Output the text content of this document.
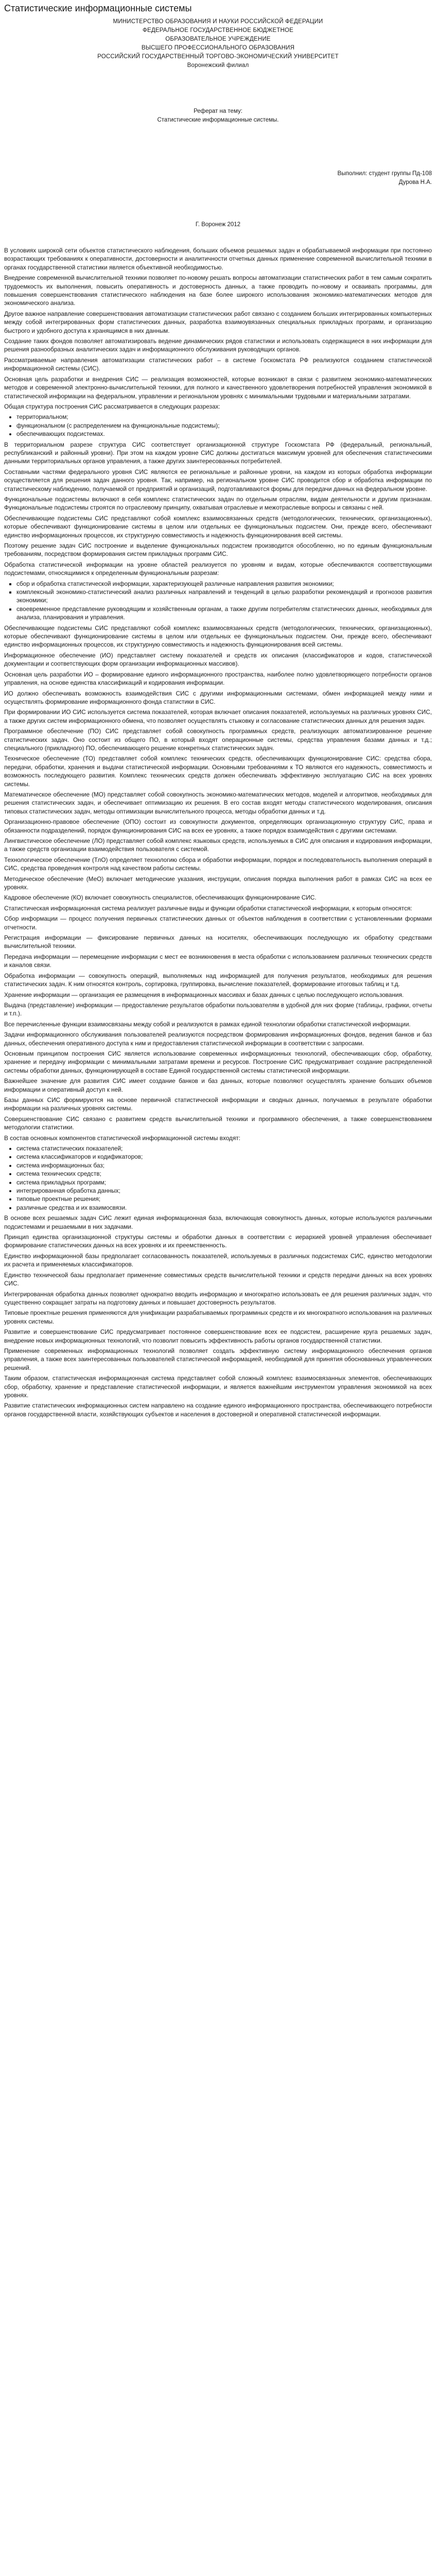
Статистические информационные системы
МИНИСТЕРСТВО ОБРАЗОВАНИЯ И НАУКИ РОССИЙСКОЙ ФЕДЕРАЦИИ
ФЕДЕРАЛЬНОЕ ГОСУДАРСТВЕННОЕ БЮДЖЕТНОЕ
ОБРАЗОВАТЕЛЬНОЕ УЧРЕЖДЕНИЕ
ВЫСШЕГО ПРОФЕССИОНАЛЬНОГО ОБРАЗОВАНИЯ
РОССИЙСКИЙ ГОСУДАРСТВЕННЫЙ ТОРГОВО-ЭКОНОМИЧЕСКИЙ УНИВЕРСИТЕТ
Воронежский филиал
Реферат на тему:
Статистические информационные системы.
Выполнил: студент группы Пд-108
Дурова Н.А.
Г. Воронеж 2012

В условиях широкой сети объектов статистического наблюдения, больших объемов решаемых задач и обрабатываемой информации при постоянно возрастающих требованиях к оперативности, достоверности и аналитичности отчетных данных применение современной вычислительной техники в органах государственной статистики является объективной необходимостью.

Внедрение современной вычислительной техники позволяет по-новому решать вопросы автоматизации статистических работ в тем самым сократить трудоемкость их выполнения, повысить оперативность и достоверность данных, а также проводить по-новому и осваивать программы, для повышения совершенствования статистического наблюдения на базе более широкого использования экономико-математических методов для экономического анализа.

Другое важное направление совершенствования автоматизации статистических работ связано с созданием больших интегрированных компьютерных между собой интегрированных форм статистических данных, разработка взаимоувязанных специальных прикладных программ, и организацию быстрого и удобного доступа к хранящимся в них данным.

Создание таких фондов позволяет автоматизировать ведение динамических рядов статистики и использовать содержащиеся в них информации для решения разнообразных аналитических задач и информационного обслуживания руководящих органов.

Рассматриваемые направления автоматизации статистических работ – в системе Госкомстата РФ реализуются созданием статистической информационной системы (СИС).

Основная цель разработки и внедрения СИС — реализация возможностей, которые возникают в связи с развитием экономико-математических методов и современной электронно-вычислительной техники, для полного и качественного удовлетворения потребностей управления экономикой в статистической информации на федеральном, управлении и региональном уровнях с минимальными трудовыми и материальными затратами.

Общая структура построения СИС рассматривается в следующих разрезах:

• территориальном;
• функциональном (с распределением на функциональные подсистемы);
• обеспечивающих подсистемах.

В территориальном разрезе структура СИС соответствует организационной структуре Госкомстата РФ (федеральный, региональный, республиканский и районный уровни). При этом на каждом уровне СИС должны достигаться максимум уровней для обеспечения статистическими данными территориальных органов управления, а также других заинтересованных потребителей.

Составными частями федерального уровня СИС являются ее региональные и районные уровни, на каждом из которых обработка информации осуществляется для решения задач данного уровня. Так, например, на региональном уровне СИС проводится сбор и обработка информации по статистическому наблюдению, получаемой от предприятий и организаций, подготавливаются формы для передачи данных на федеральном уровне.

Функциональные подсистемы включают в себя комплекс статистических задач по отдельным отраслям, видам деятельности и другим признакам. Функциональные подсистемы строятся по отраслевому принципу, охватывая отраслевые и межотраслевые вопросы и связаны с ней.

Обеспечивающие подсистемы СИС представляют собой комплекс взаимосвязанных средств (методологических, технических, организационных), которые обеспечивают функционирование системы в целом или отдельных ее функциональных подсистем. Они, прежде всего, обеспечивают единство информационных процессов, их структурную совместимость и надежность функционирования всей системы.

Поэтому решение задач СИС построение и выделение функциональных подсистем производится обособленно, но по единым функциональным требованиям, посредством формирования систем прикладных программ СИС.

Обработка статистической информации на уровне областей реализуется по уровням и видам, которые обеспечиваются соответствующими подсистемами, относящимися к определенным функциональным разрезам:

▪ сбор и обработка статистической информации, характеризующей различные направления развития экономики;
▪ комплексный экономико-статистический анализ различных направлений и тенденций в целью разработки рекомендаций и прогнозов развития экономики;
▪ своевременное представление руководящим и хозяйственным органам, а также другим потребителям статистических данных, необходимых для анализа, планирования и управления.

Обеспечивающие подсистемы СИС представляют собой комплекс взаимосвязанных средств (методологических, технических, организационных), которые обеспечивают функционирование системы в целом или отдельных ее функциональных подсистем. Они, прежде всего, обеспечивают единство информационных процессов, их структурную совместимость и надежность функционирования всей системы.

Информационное обеспечение (ИО) представляет систему показателей и средств их описания (классификаторов и кодов, статистической документации и соответствующих форм организации информационных массивов).

Основная цель разработки ИО – формирование единого информационного пространства, наиболее полно удовлетворяющего потребности органов управления, на основе единства классификаций и кодирования информации.

ИО должно обеспечивать возможность взаимодействия СИС с другими информационными системами, обмен информацией между ними и осуществлять формирование информационного фонда статистики в СИС.

При формировании ИО СИС используется система показателей, которая включает описания показателей, используемых на различных уровнях СИС, а также других систем информационного обмена, что позволяет осуществлять стыковку и согласование статистических данных для решения задач.

Программное обеспечение (ПО) СИС представляет собой совокупность программных средств, реализующих автоматизированное решение статистических задач. Оно состоит из общего ПО, в который входят операционные системы, средства управления базами данных и т.д.; специального (прикладного) ПО, обеспечивающего решение конкретных статистических задач.

Техническое обеспечение (ТО) представляет собой комплекс технических средств, обеспечивающих функционирование СИС: средства сбора, передачи, обработки, хранения и выдачи статистической информации. Основными требованиями к ТО являются его надежность, совместимость и возможность последующего развития. Комплекс технических средств должен обеспечивать эффективную эксплуатацию СИС на всех уровнях системы.

Математическое обеспечение (МО) представляет собой совокупность экономико-математических методов, моделей и алгоритмов, необходимых для решения статистических задач, и обеспечивает оптимизацию их решения. В его состав входят методы статистического моделирования, описания типовых статистических задач, методы оптимизации вычислительного процесса, методы обработки данных и т.д.

Организационно-правовое обеспечение (ОПО) состоит из совокупности документов, определяющих организационную структуру СИС, права и обязанности подразделений, порядок функционирования СИС на всех ее уровнях, а также порядок взаимодействия с другими системами.

Лингвистическое обеспечение (ЛО) представляет собой комплекс языковых средств, используемых в СИС для описания и кодирования информации, а также средств организации взаимодействия пользователя с системой.

Технологическое обеспечение (ТлО) определяет технологию сбора и обработки информации, порядок и последовательность выполнения операций в СИС, средства проведения контроля над качеством работы системы.

Методическое обеспечение (МеО) включает методические указания, инструкции, описания порядка выполнения работ в рамках СИС на всех ее уровнях.

Кадровое обеспечение (КО) включает совокупность специалистов, обеспечивающих функционирование СИС.

Статистическая информационная система реализует различные виды и функции обработки статистической информации, к которым относятся:

Сбор информации — процесс получения первичных статистических данных от объектов наблюдения в соответствии с установленными формами отчетности.

Регистрация информации — фиксирование первичных данных на носителях, обеспечивающих последующую их обработку средствами вычислительной техники.

Передача информации — перемещение информации с мест ее возникновения в места обработки с использованием различных технических средств и каналов связи.

Обработка информации — совокупность операций, выполняемых над информацией для получения результатов, необходимых для решения статистических задач. К ним относятся контроль, сортировка, группировка, вычисление показателей, формирование итоговых таблиц и т.д.

Хранение информации — организация ее размещения в информационных массивах и базах данных с целью последующего использования.

Выдача (представление) информации — предоставление результатов обработки пользователям в удобной для них форме (таблицы, графики, отчеты и т.п.).

Все перечисленные функции взаимосвязаны между собой и реализуются в рамках единой технологии обработки статистической информации.

Задачи информационного обслуживания пользователей реализуются посредством формирования информационных фондов, ведения банков и баз данных, обеспечения оперативного доступа к ним и предоставления статистической информации в соответствии с запросами.

Основным принципом построения СИС является использование современных информационных технологий, обеспечивающих сбор, обработку, хранение и передачу информации с минимальными затратами времени и ресурсов. Построение СИС предусматривает создание распределенной системы обработки данных, функционирующей в составе Единой государственной системы статистической информации.

Важнейшее значение для развития СИС имеет создание банков и баз данных, которые позволяют осуществлять хранение больших объемов информации и оперативный доступ к ней.

Базы данных СИС формируются на основе первичной статистической информации и сводных данных, получаемых в результате обработки информации на различных уровнях системы.

Совершенствование СИС связано с развитием средств вычислительной техники и программного обеспечения, а также совершенствованием методологии статистики.

В состав основных компонентов статистической информационной системы входят:

• система статистических показателей;
• система классификаторов и кодификаторов;
• система информационных баз;
• система технических средств;
• система прикладных программ;
• интегрированная обработка данных;
• типовые проектные решения;
• различные средства и их взаимосвязи.

В основе всех решаемых задач СИС лежит единая информационная база, включающая совокупность данных, которые используются различными подсистемами и решаемыми в них задачами.

Принцип единства организационной структуры системы и обработки данных в соответствии с иерархией уровней управления обеспечивает формирование статистических данных на всех уровнях и их преемственность.

Единство информационной базы предполагает согласованность показателей, используемых в различных подсистемах СИС, единство методологии их расчета и применяемых классификаторов.

Единство технической базы предполагает применение совместимых средств вычислительной техники и средств передачи данных на всех уровнях СИС.

Интегрированная обработка данных позволяет однократно вводить информацию и многократно использовать ее для решения различных задач, что существенно сокращает затраты на подготовку данных и повышает достоверность результатов.

Типовые проектные решения применяются для унификации разрабатываемых программных средств и их многократного использования на различных уровнях системы.

Развитие и совершенствование СИС предусматривает постоянное совершенствование всех ее подсистем, расширение круга решаемых задач, внедрение новых информационных технологий, что позволит повысить эффективность работы органов государственной статистики.

Применение современных информационных технологий позволяет создать эффективную систему информационного обеспечения органов управления, а также всех заинтересованных пользователей статистической информацией, необходимой для принятия обоснованных управленческих решений.

Таким образом, статистическая информационная система представляет собой сложный комплекс взаимосвязанных элементов, обеспечивающих сбор, обработку, хранение и представление статистической информации, и является важнейшим инструментом управления экономикой на всех уровнях.

Развитие статистических информационных систем направлено на создание единого информационного пространства, обеспечивающего потребности органов государственной власти, хозяйствующих субъектов и населения в достоверной и оперативной статистической информации.
